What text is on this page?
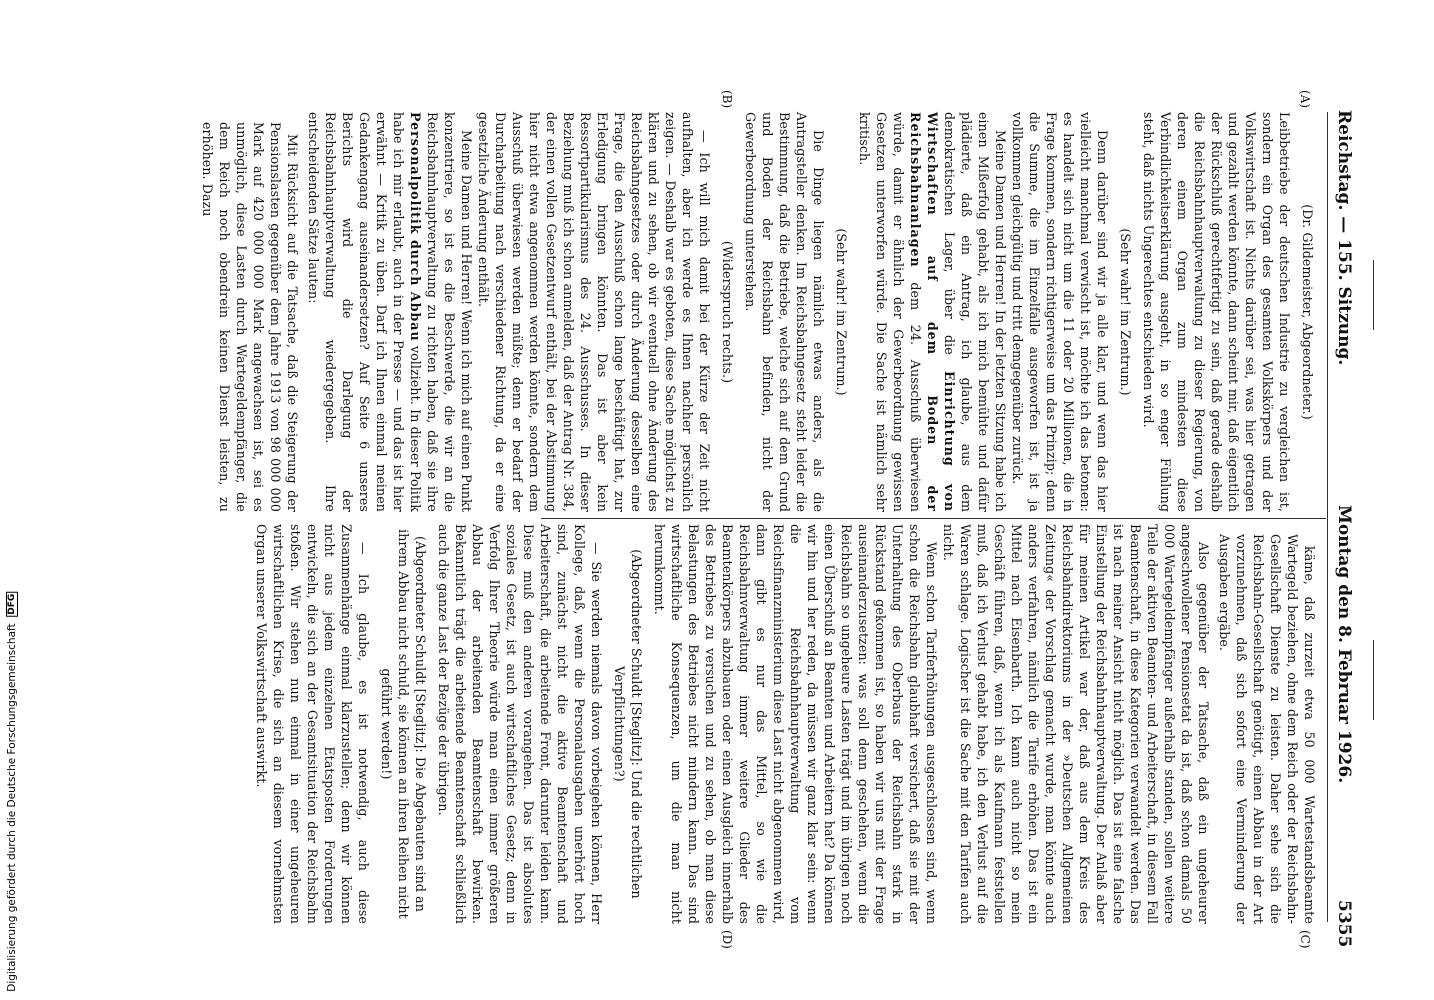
Reichstag. — 155. Sitzung.
Montag den 8. Februar 1926.
5355
(A)
(B)
(C)
(D)

(Dr. Gildemeister, Abgeordneter.)

Leibbetriebe der deutschen Industrie zu vergleichen ist, sondern ein Organ des gesamten Volkskörpers und der Volkswirtschaft ist. Nichts darüber sei, was hier getragen und gezahlt werden könnte, dann scheint mir, daß eigentlich der Rückschluß gerechtfertigt zu sein, daß gerade deshalb die Reichsbahnhauptverwaltung zu dieser Regierung, von deren einem Organ zum mindesten diese Verbindlichkeitserklärung ausgeht, in so enger Fühlung steht, daß nichts Ungerechtes entschieden wird.

(Sehr wahr! im Zentrum.)

Denn darüber sind wir ja alle klar, und wenn das hier vielleicht manchmal verwischt ist, möchte ich das betonen: es handelt sich nicht um die 11 oder 20 Millionen, die in Frage kommen, sondern richtigerweise um das Prinzip; denn die Summe, die im Einzelfalle ausgeworfen ist, ist ja vollkommen gleichgültig und tritt demgegenüber zurück.

Meine Damen und Herren! In der letzten Sitzung habe ich einen Mißerfolg gehabt, als ich mich bemühte und dafür plädierte, daß ein Antrag, ich glaube, aus dem demokratischen Lager, über die Einrichtung von Wirtschaften auf dem Boden der Reichsbahnanlagen dem 24. Ausschuß überwiesen würde, damit er ähnlich der Gewerbeordnung gewissen Gesetzen unterworfen würde. Die Sache ist nämlich sehr kritisch.

(Sehr wahr! im Zentrum.)

Die Dinge liegen nämlich etwas anders, als die Antragsteller denken. Im Reichsbahngesetz steht leider die Bestimmung, daß die Betriebe, welche sich auf dem Grund und Boden der Reichsbahn befinden, nicht der Gewerbeordnung unterstehen.

(Widerspruch rechts.)

— Ich will mich damit bei der Kürze der Zeit nicht aufhalten, aber ich werde es Ihnen nachher persönlich zeigen. — Deshalb war es geboten, diese Sache möglichst zu klären und zu sehen, ob wir eventuell ohne Änderung des Reichsbahngesetzes oder durch Änderung desselben eine Frage, die den Ausschuß schon lange beschäftigt hat, zur Erledigung bringen könnten. Das ist aber kein Ressortpartikularismus des 24. Ausschusses. In dieser Beziehung muß ich schon anmelden, daß der Antrag Nr. 384, der einen vollen Gesetzentwurf enthält, bei der Abstimmung hier nicht etwa angenommen werden könnte, sondern dem Ausschuß überwiesen werden müßte; denn er bedarf der Durcharbeitung nach verschiedener Richtung, da er eine gesetzliche Änderung enthält.

Meine Damen und Herren! Wenn ich mich auf einen Punkt konzentriere, so ist es die Beschwerde, die wir an die Reichsbahnhauptverwaltung zu richten haben, daß sie ihre Personalpolitik durch Abbau vollzieht. In dieser Politik habe ich mir erlaubt, auch in der Presse — und das ist hier erwähnt — Kritik zu üben. Darf ich Ihnen einmal meinen Gedankengang auseinandersetzen? Auf Seite 6 unseres Berichts wird die Darlegung der Reichsbahnhauptverwaltung wiedergegeben. Ihre entscheidenden Sätze lauten:

Mit Rücksicht auf die Tatsache, daß die Steigerung der Pensionslasten gegenüber dem Jahre 1913 von 98 000 000 Mark auf 420 000 000 Mark angewachsen ist, sei es unmöglich, diese Lasten durch Wartegeldempfänger, die dem Reich noch obendrein keinen Dienst leisten, zu erhöhen. Dazu

käme, daß zurzeit etwa 50 000 Wartestandsbeamte Wartegeld beziehen, ohne dem Reich oder der Reichsbahn-Gesellschaft Dienste zu leisten. Daher sehe sich die Reichsbahn-Gesellschaft genötigt, einen Abbau in der Art vorzunehmen, daß sich sofort eine Verminderung der Ausgaben ergäbe.

Also gegenüber der Tatsache, daß ein ungeheurer angeschwollener Pensionsetat da ist, daß schon damals 50 000 Wartegeldempfänger außerhalb standen, sollen weitere Teile der aktiven Beamten- und Arbeiterschaft, in diesem Fall Beamtenschaft, in diese Kategorien verwandelt werden. Das ist nach meiner Ansicht nicht möglich. Das ist eine falsche Einstellung der Reichsbahnhauptverwaltung. Der Anlaß aber für meinen Artikel war der, daß aus dem Kreis des Reichsbahndirektoriums in der »Deutschen Allgemeinen Zeitung« der Vorschlag gemacht wurde, man könnte auch anders verfahren, nämlich die Tarife erhöhen. Das ist ein Mittel nach Eisenbarth. Ich kann auch nicht so mein Geschäft führen, daß, wenn ich als Kaufmann feststellen muß, daß ich Verlust gehabt habe, ich den Verlust auf die Waren schlage. Logischer ist die Sache mit den Tarifen auch nicht.

Wenn schon Tariferhöhungen ausgeschlossen sind, wenn schon die Reichsbahn glaubhaft versichert, daß sie mit der Unterhaltung des Oberbaus der Reichsbahn stark in Rückstand gekommen ist, so haben wir uns mit der Frage auseinanderzusetzen: was soll denn geschehen, wenn die Reichsbahn so ungeheure Lasten trägt und im übrigen noch einen Überschuß an Beamten und Arbeitern hat? Da können wir hin und her reden, da müssen wir ganz klar sein: wenn die Reichsbahnhauptverwaltung vom Reichsfinanzministerium diese Last nicht abgenommen wird, dann gibt es nur das Mittel, so wie die Reichsbahnverwaltung immer weitere Glieder des Beamtenkörpers abzubauen oder einen Ausgleich innerhalb des Betriebes zu versuchen und zu sehen, ob man diese Belastungen des Betriebes nicht mindern kann. Das sind wirtschaftliche Konsequenzen, um die man nicht herumkommt.

(Abgeordneter Schuldt [Steglitz]: Und die rechtlichen Verpflichtungen?)

— Sie werden niemals davon vorbeigehen können, Herr Kollege, daß, wenn die Personalausgaben unerhört hoch sind, zunächst nicht die aktive Beamtenschaft und Arbeiterschaft, die arbeitende Front, darunter leiden kann. Diese muß den anderen vorangehen. Das ist absolutes soziales Gesetz, ist auch wirtschaftliches Gesetz; denn in Verfolg Ihrer Theorie würde man einen immer größeren Abbau der arbeitenden Beamtenschaft bewirken. Bekanntlich trägt die arbeitende Beamtenschaft schließlich auch die ganze Last der Bezüge der übrigen.

(Abgeordneter Schuldt [Steglitz]: Die Abgebauten sind an ihrem Abbau nicht schuld, sie können an ihren Reihen nicht geführt werden!)

— Ich glaube, es ist notwendig, auch diese Zusammenhänge einmal klarzustellen; denn wir können nicht aus jedem einzelnen Etatsposten Forderungen entwickeln, die sich an der Gesamtsituation der Reichsbahn stoßen. Wir stehen nun einmal in einer ungeheuren wirtschaftlichen Krise, die sich an diesem vornehmsten Organ unserer Volkswirtschaft auswirkt.

Digitalisierung gefördert durch die Deutsche Forschungsgemeinschaft DFG
